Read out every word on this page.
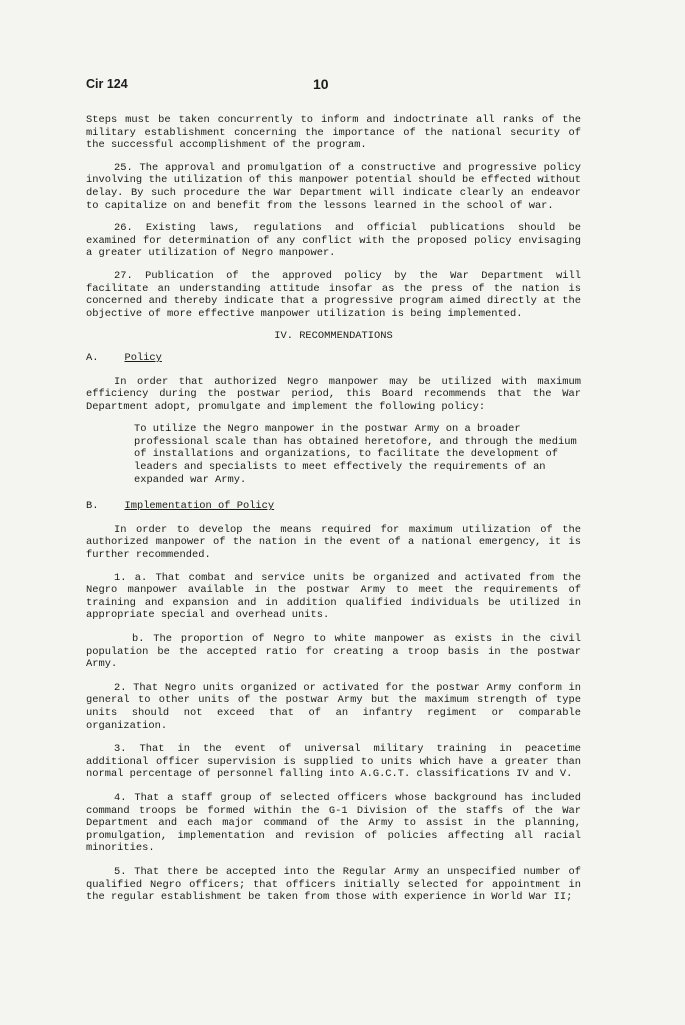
Cir 124	10

Steps must be taken concurrently to inform and indoctrinate all ranks of the military establishment concerning the importance of the national security of the successful accomplishment of the program.

25. The approval and promulgation of a constructive and progressive policy involving the utilization of this manpower potential should be effected without delay. By such procedure the War Department will indicate clearly an endeavor to capitalize on and benefit from the lessons learned in the school of war.

26. Existing laws, regulations and official publications should be examined for determination of any conflict with the proposed policy envisaging a greater utilization of Negro manpower.

27. Publication of the approved policy by the War Department will facilitate an understanding attitude insofar as the press of the nation is concerned and thereby indicate that a progressive program aimed directly at the objective of more effective manpower utilization is being implemented.

IV. RECOMMENDATIONS

A.	Policy

In order that authorized Negro manpower may be utilized with maximum efficiency during the postwar period, this Board recommends that the War Department adopt, promulgate and implement the following policy:

To utilize the Negro manpower in the postwar Army on a broader professional scale than has obtained heretofore, and through the medium of installations and organizations, to facilitate the development of leaders and specialists to meet effectively the requirements of an expanded war Army.

B.	Implementation of Policy

In order to develop the means required for maximum utilization of the authorized manpower of the nation in the event of a national emergency, it is further recommended.

1. a. That combat and service units be organized and activated from the Negro manpower available in the postwar Army to meet the requirements of training and expansion and in addition qualified individuals be utilized in appropriate special and overhead units.

b. The proportion of Negro to white manpower as exists in the civil population be the accepted ratio for creating a troop basis in the postwar Army.

2. That Negro units organized or activated for the postwar Army conform in general to other units of the postwar Army but the maximum strength of type units should not exceed that of an infantry regiment or comparable organization.

3. That in the event of universal military training in peacetime additional officer supervision is supplied to units which have a greater than normal percentage of personnel falling into A.G.C.T. classifications IV and V.

4. That a staff group of selected officers whose background has included command troops be formed within the G-1 Division of the staffs of the War Department and each major command of the Army to assist in the planning, promulgation, implementation and revision of policies affecting all racial minorities.

5. That there be accepted into the Regular Army an unspecified number of qualified Negro officers; that officers initially selected for appointment in the regular establishment be taken from those with experience in World War II;
